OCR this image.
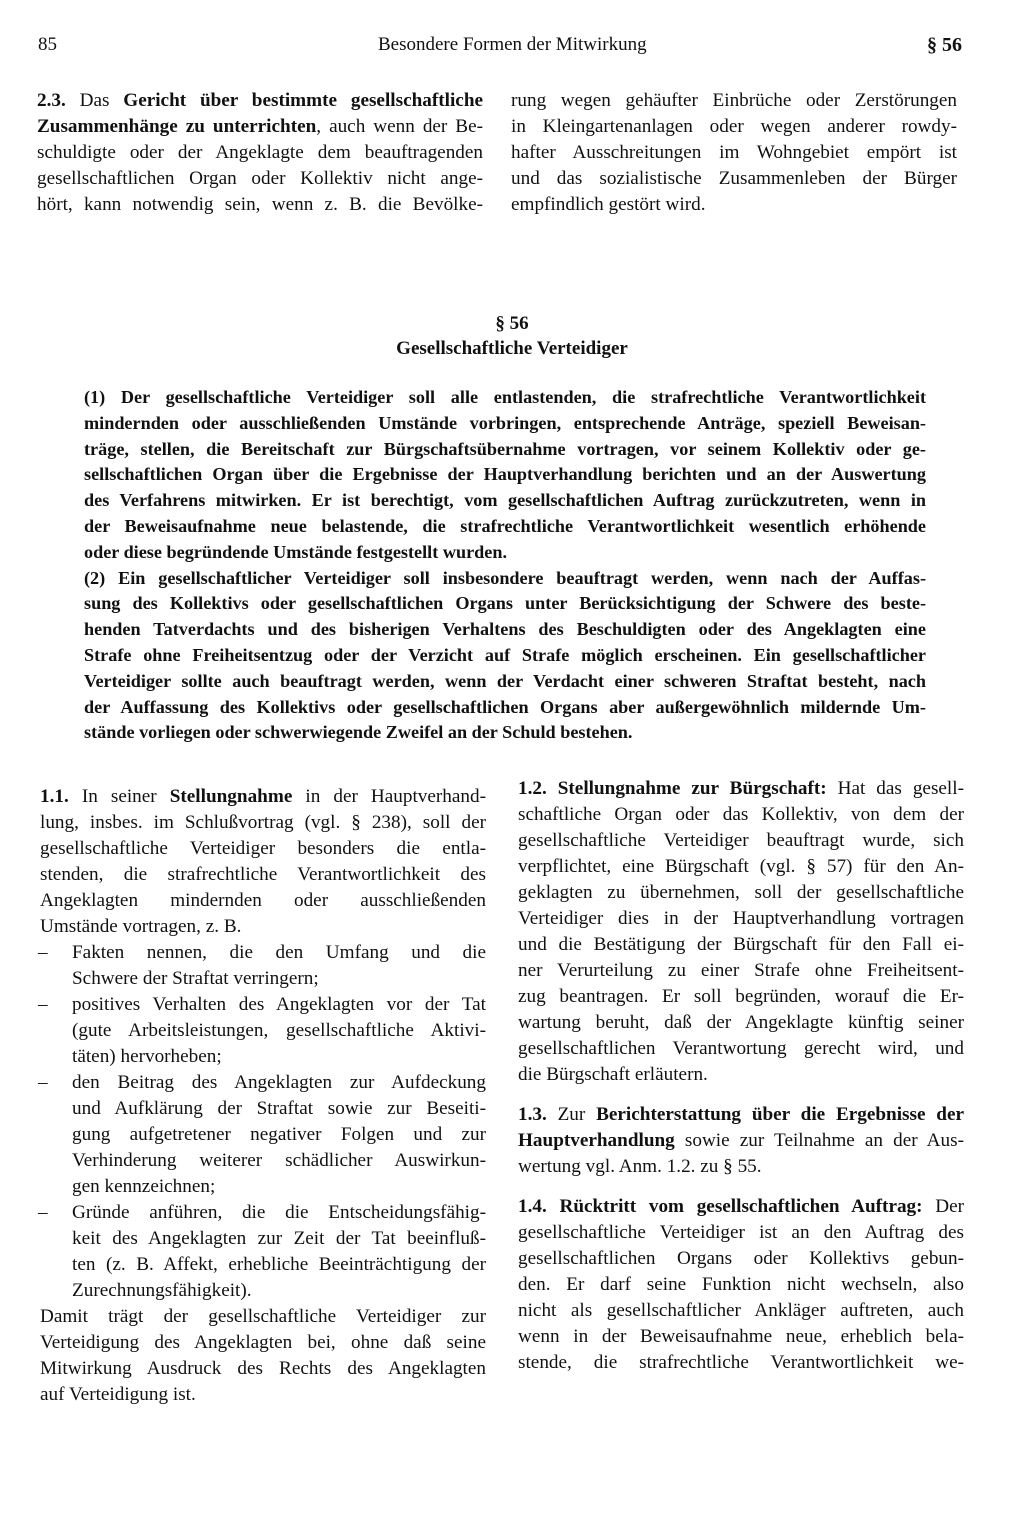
85	Besondere Formen der Mitwirkung	§ 56
2.3. Das Gericht über bestimmte gesellschaftliche
Zusammenhänge zu unterrichten, auch wenn der Be-
schuldigte oder der Angeklagte dem beauftragenden
gesellschaftlichen Organ oder Kollektiv nicht ange-
hört, kann notwendig sein, wenn z. B. die Bevölke-
rung wegen gehäufter Einbrüche oder Zerstörungen
in Kleingartenanlagen oder wegen anderer rowdy-
hafter Ausschreitungen im Wohngebiet empört ist
und das sozialistische Zusammenleben der Bürger
empfindlich gestört wird.
§ 56
Gesellschaftliche Verteidiger
(1) Der gesellschaftliche Verteidiger soll alle entlastenden, die strafrechtliche Verantwortlichkeit
mindernden oder ausschließenden Umstände vorbringen, entsprechende Anträge, speziell Beweisan-
träge, stellen, die Bereitschaft zur Bürgschaftsübernahme vortragen, vor seinem Kollektiv oder ge-
sellschaftlichen Organ über die Ergebnisse der Hauptverhandlung berichten und an der Auswertung
des Verfahrens mitwirken. Er ist berechtigt, vom gesellschaftlichen Auftrag zurückzutreten, wenn in
der Beweisaufnahme neue belastende, die strafrechtliche Verantwortlichkeit wesentlich erhöhende
oder diese begründende Umstände festgestellt wurden.
(2) Ein gesellschaftlicher Verteidiger soll insbesondere beauftragt werden, wenn nach der Auffas-
sung des Kollektivs oder gesellschaftlichen Organs unter Berücksichtigung der Schwere des beste-
henden Tatverdachts und des bisherigen Verhaltens des Beschuldigten oder des Angeklagten eine
Strafe ohne Freiheitsentzug oder der Verzicht auf Strafe möglich erscheinen. Ein gesellschaftlicher
Verteidiger sollte auch beauftragt werden, wenn der Verdacht einer schweren Straftat besteht, nach
der Auffassung des Kollektivs oder gesellschaftlichen Organs aber außergewöhnlich mildernde Um-
stände vorliegen oder schwerwiegende Zweifel an der Schuld bestehen.
1.1. In seiner Stellungnahme in der Hauptverhand-
lung, insbes. im Schlußvortrag (vgl. § 238), soll der
gesellschaftliche Verteidiger besonders die entla-
stenden, die strafrechtliche Verantwortlichkeit des
Angeklagten mindernden oder ausschließenden
Umstände vortragen, z. B.
– Fakten nennen, die den Umfang und die
Schwere der Straftat verringern;
– positives Verhalten des Angeklagten vor der Tat
(gute Arbeitsleistungen, gesellschaftliche Aktivi-
täten) hervorheben;
– den Beitrag des Angeklagten zur Aufdeckung
und Aufklärung der Straftat sowie zur Beseiti-
gung aufgetretener negativer Folgen und zur
Verhinderung weiterer schädlicher Auswirkun-
gen kennzeichnen;
– Gründe anführen, die die Entscheidungsfähig-
keit des Angeklagten zur Zeit der Tat beeinfluß-
ten (z. B. Affekt, erhebliche Beeinträchtigung der
Zurechnungsfähigkeit).
Damit trägt der gesellschaftliche Verteidiger zur
Verteidigung des Angeklagten bei, ohne daß seine
Mitwirkung Ausdruck des Rechts des Angeklagten
auf Verteidigung ist.
1.2. Stellungnahme zur Bürgschaft: Hat das gesell-
schaftliche Organ oder das Kollektiv, von dem der
gesellschaftliche Verteidiger beauftragt wurde, sich
verpflichtet, eine Bürgschaft (vgl. § 57) für den An-
geklagten zu übernehmen, soll der gesellschaftliche
Verteidiger dies in der Hauptverhandlung vortragen
und die Bestätigung der Bürgschaft für den Fall ei-
ner Verurteilung zu einer Strafe ohne Freiheitsent-
zug beantragen. Er soll begründen, worauf die Er-
wartung beruht, daß der Angeklagte künftig seiner
gesellschaftlichen Verantwortung gerecht wird, und
die Bürgschaft erläutern.
1.3. Zur Berichterstattung über die Ergebnisse der
Hauptverhandlung sowie zur Teilnahme an der Aus-
wertung vgl. Anm. 1.2. zu § 55.
1.4. Rücktritt vom gesellschaftlichen Auftrag: Der
gesellschaftliche Verteidiger ist an den Auftrag des
gesellschaftlichen Organs oder Kollektivs gebun-
den. Er darf seine Funktion nicht wechseln, also
nicht als gesellschaftlicher Ankläger auftreten, auch
wenn in der Beweisaufnahme neue, erheblich bela-
stende, die strafrechtliche Verantwortlichkeit we-
